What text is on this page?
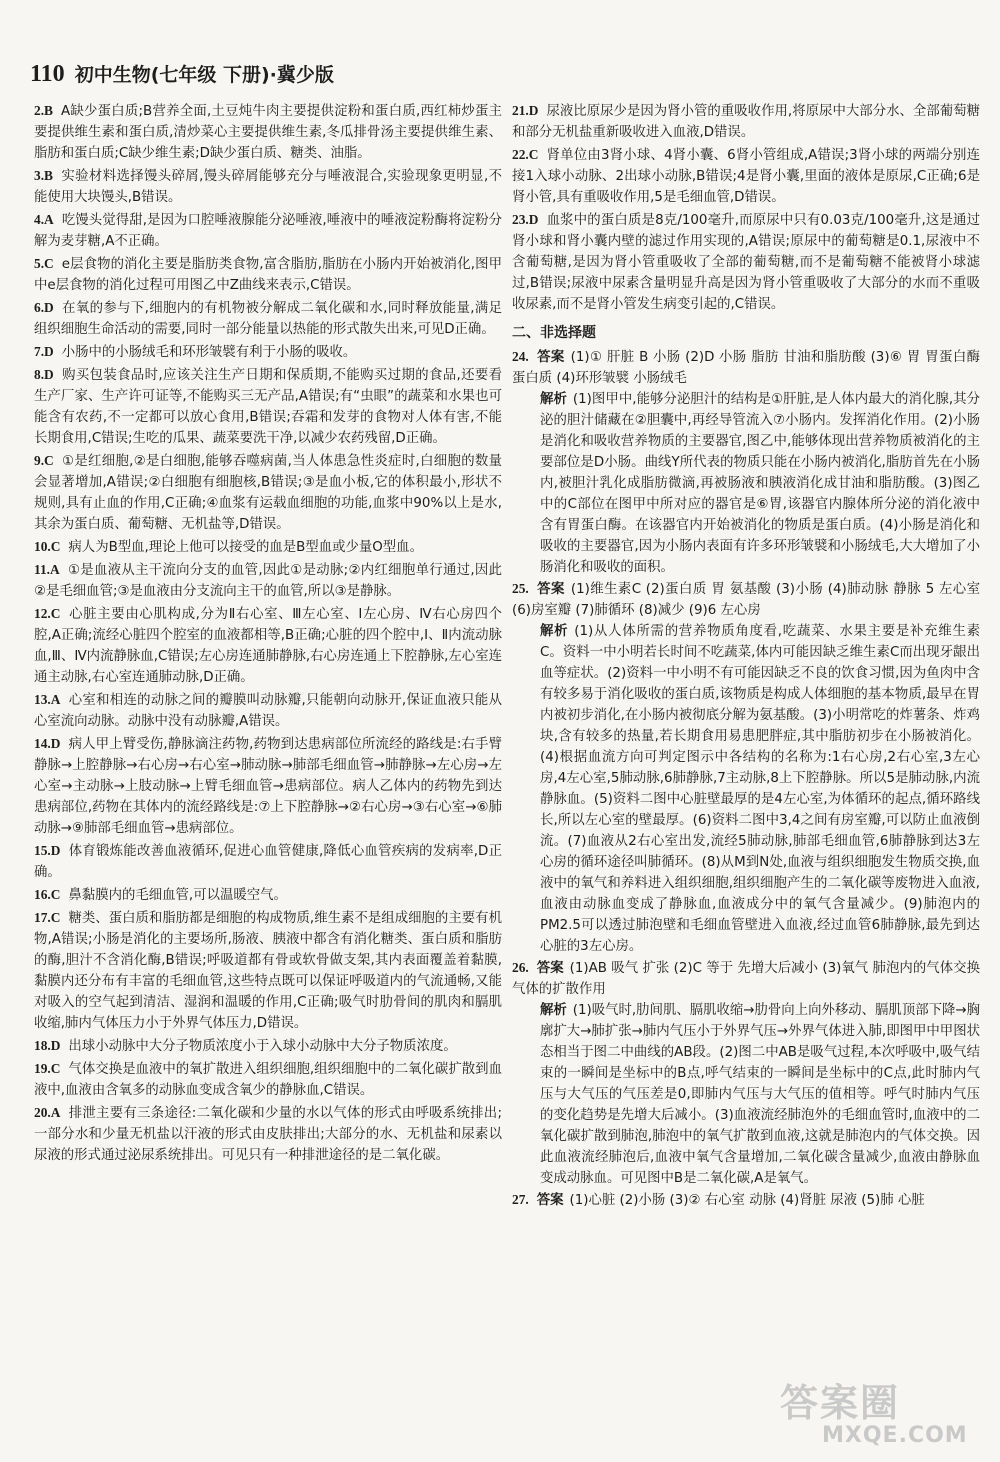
110 初中生物(七年级 下册)·冀少版
2.B A缺少蛋白质;B营养全面,土豆炖牛肉主要提供淀粉和蛋白质,西红柿炒蛋主要提供维生素和蛋白质,清炒菜心主要提供维生素,冬瓜排骨汤主要提供维生素、脂肪和蛋白质;C缺少维生素;D缺少蛋白质、糖类、油脂。
3.B 实验材料选择馒头碎屑,馒头碎屑能够充分与唾液混合,实验现象更明显,不能使用大块馒头,B错误。
4.A 吃馒头觉得甜,是因为口腔唾液腺能分泌唾液,唾液中的唾液淀粉酶将淀粉分解为麦芽糖,A不正确。
5.C e层食物的消化主要是脂肪类食物,富含脂肪,脂肪在小肠内开始被消化,图甲中e层食物的消化过程可用图乙中Z曲线来表示,C错误。
6.D 在氧的参与下,细胞内的有机物被分解成二氧化碳和水,同时释放能量,满足组织细胞生命活动的需要,同时一部分能量以热能的形式散失出来,可见D正确。
7.D 小肠中的小肠绒毛和环形皱襞有利于小肠的吸收。
8.D 购买包装食品时,应该关注生产日期和保质期,不能购买过期的食品,还要看生产厂家、生产许可证等,不能购买三无产品,A错误;有“虫眼”的蔬菜和水果也可能含有农药,不一定都可以放心食用,B错误;吞霜和发芽的食物对人体有害,不能长期食用,C错误;生吃的瓜果、蔬菜要洗干净,以减少农药残留,D正确。
9.C ①是红细胞,②是白细胞,能够吞噬病菌,当人体患急性炎症时,白细胞的数量会显著增加,A错误;②白细胞有细胞核,B错误;③是血小板,它的体积最小,形状不规则,具有止血的作用,C正确;④血浆有运载血细胞的功能,血浆中90%以上是水,其余为蛋白质、葡萄糖、无机盐等,D错误。
10.C 病人为B型血,理论上他可以接受的血是B型血或少量O型血。
11.A ①是血液从主干流向分支的血管,因此①是动脉;②内红细胞单行通过,因此②是毛细血管;③是血液由分支流向主干的血管,所以③是静脉。
12.C 心脏主要由心肌构成,分为Ⅱ右心室、Ⅲ左心室、Ⅰ左心房、Ⅳ右心房四个腔,A正确;流经心脏四个腔室的血液都相等,B正确;心脏的四个腔中,Ⅰ、Ⅱ内流动脉血,Ⅲ、Ⅳ内流静脉血,C错误;左心房连通肺静脉,右心房连通上下腔静脉,左心室连通主动脉,右心室连通肺动脉,D正确。
13.A 心室和相连的动脉之间的瓣膜叫动脉瓣,只能朝向动脉开,保证血液只能从心室流向动脉。动脉中没有动脉瓣,A错误。
14.D 病人甲上臂受伤,静脉滴注药物,药物到达患病部位所流经的路线是:右手臂静脉→上腔静脉→右心房→右心室→肺动脉→肺部毛细血管→肺静脉→左心房→左心室→主动脉→上肢动脉→上臂毛细血管→患病部位。病人乙体内的药物先到达患病部位,药物在其体内的流经路线是:⑦上下腔静脉→②右心房→③右心室→⑥肺动脉→⑨肺部毛细血管→患病部位。
15.D 体育锻炼能改善血液循环,促进心血管健康,降低心血管疾病的发病率,D正确。
16.C 鼻黏膜内的毛细血管,可以温暖空气。
17.C 糖类、蛋白质和脂肪都是细胞的构成物质,维生素不是组成细胞的主要有机物,A错误;小肠是消化的主要场所,肠液、胰液中都含有消化糖类、蛋白质和脂肪的酶,胆汁不含消化酶,B错误;呼吸道都有骨或软骨做支架,其内表面覆盖着黏膜,黏膜内还分布有丰富的毛细血管,这些特点既可以保证呼吸道内的气流通畅,又能对吸入的空气起到清洁、湿润和温暖的作用,C正确;吸气时肋骨间的肌肉和膈肌收缩,肺内气体压力小于外界气体压力,D错误。
18.D 出球小动脉中大分子物质浓度小于入球小动脉中大分子物质浓度。
19.C 气体交换是血液中的氧扩散进入组织细胞,组织细胞中的二氧化碳扩散到血液中,血液由含氧多的动脉血变成含氧少的静脉血,C错误。
20.A 排泄主要有三条途径:二氧化碳和少量的水以气体的形式由呼吸系统排出;一部分水和少量无机盐以汗液的形式由皮肤排出;大部分的水、无机盐和尿素以尿液的形式通过泌尿系统排出。可见只有一种排泄途径的是二氧化碳。
21.D 尿液比原尿少是因为肾小管的重吸收作用,将原尿中大部分水、全部葡萄糖和部分无机盐重新吸收进入血液,D错误。
22.C 肾单位由3肾小球、4肾小囊、6肾小管组成,A错误;3肾小球的两端分别连接1入球小动脉、2出球小动脉,B错误;4是肾小囊,里面的液体是原尿,C正确;6是肾小管,具有重吸收作用,5是毛细血管,D错误。
23.D 血浆中的蛋白质是8克/100毫升,而原尿中只有0.03克/100毫升,这是通过肾小球和肾小囊内壁的滤过作用实现的,A错误;原尿中的葡萄糖是0.1,尿液中不含葡萄糖,是因为肾小管重吸收了全部的葡萄糖,而不是葡萄糖不能被肾小球滤过,B错误;尿液中尿素含量明显升高是因为肾小管重吸收了大部分的水而不重吸收尿素,而不是肾小管发生病变引起的,C错误。
二、非选择题
24. 答案 (1)① 肝脏 B 小肠 (2)D 小肠 脂肪 甘油和脂肪酸 (3)⑥ 胃 胃蛋白酶 蛋白质 (4)环形皱襞 小肠绒毛
解析 (1)图甲中,能够分泌胆汁的结构是①肝脏,是人体内最大的消化腺,其分泌的胆汁储藏在②胆囊中,再经导管流入⑦小肠内。发挥消化作用。(2)小肠是消化和吸收营养物质的主要器官,图乙中,能够体现出营养物质被消化的主要部位是D小肠。曲线Y所代表的物质只能在小肠内被消化,脂肪首先在小肠内,被胆汁乳化成脂肪微滴,再被肠液和胰液消化成甘油和脂肪酸。(3)图乙中的C部位在图甲中所对应的器官是⑥胃,该器官内腺体所分泌的消化液中含有胃蛋白酶。在该器官内开始被消化的物质是蛋白质。(4)小肠是消化和吸收的主要器官,因为小肠内表面有许多环形皱襞和小肠绒毛,大大增加了小肠消化和吸收的面积。
25. 答案 (1)维生素C (2)蛋白质 胃 氨基酸 (3)小肠 (4)肺动脉 静脉 5 左心室 (6)房室瓣 (7)肺循环 (8)减少 (9)6 左心房
解析 (1)从人体所需的营养物质角度看,吃蔬菜、水果主要是补充维生素C。资料一中小明若长时间不吃蔬菜,体内可能因缺乏维生素C而出现牙龈出血等症状。(2)资料一中小明不有可能因缺乏不良的饮食习惯,因为鱼肉中含有较多易于消化吸收的蛋白质,该物质是构成人体细胞的基本物质,最早在胃内被初步消化,在小肠内被彻底分解为氨基酸。(3)小明常吃的炸薯条、炸鸡块,含有较多的热量,若长期食用易患肥胖症,其中脂肪初步在小肠被消化。(4)根据血流方向可判定图示中各结构的名称为:1右心房,2右心室,3左心房,4左心室,5肺动脉,6肺静脉,7主动脉,8上下腔静脉。所以5是肺动脉,内流静脉血。(5)资料二图中心脏壁最厚的是4左心室,为体循环的起点,循环路线长,所以左心室的壁最厚。(6)资料二图中3,4之间有房室瓣,可以防止血液倒流。(7)血液从2右心室出发,流经5肺动脉,肺部毛细血管,6肺静脉到达3左心房的循环途径叫肺循环。(8)从M到N处,血液与组织细胞发生物质交换,血液中的氧气和养料进入组织细胞,组织细胞产生的二氧化碳等废物进入血液,血液由动脉血变成了静脉血,血液成分中的氧气含量减少。(9)肺泡内的PM2.5可以透过肺泡壁和毛细血管壁进入血液,经过血管6肺静脉,最先到达心脏的3左心房。
26. 答案 (1)AB 吸气 扩张 (2)C 等于 先增大后减小 (3)氧气 肺泡内的气体交换 气体的扩散作用
解析 (1)吸气时,肋间肌、膈肌收缩→肋骨向上向外移动、膈肌顶部下降→胸廓扩大→肺扩张→肺内气压小于外界气压→外界气体进入肺,即图甲中甲图状态相当于图二中曲线的AB段。(2)图二中AB是吸气过程,本次呼吸中,吸气结束的一瞬间是坐标中的B点,呼气结束的一瞬间是坐标中的C点,此时肺内气压与大气压的气压差是0,即肺内气压与大气压的值相等。呼气时肺内气压的变化趋势是先增大后减小。(3)血液流经肺泡外的毛细血管时,血液中的二氧化碳扩散到肺泡,肺泡中的氧气扩散到血液,这就是肺泡内的气体交换。因此血液流经肺泡后,血液中氧气含量增加,二氧化碳含量减少,血液由静脉血变成动脉血。可见图中B是二氧化碳,A是氧气。
27. 答案 (1)心脏 (2)小肠 (3)② 右心室 动脉 (4)肾脏 尿液 (5)肺 心脏
答案圈
MXQE.COM
